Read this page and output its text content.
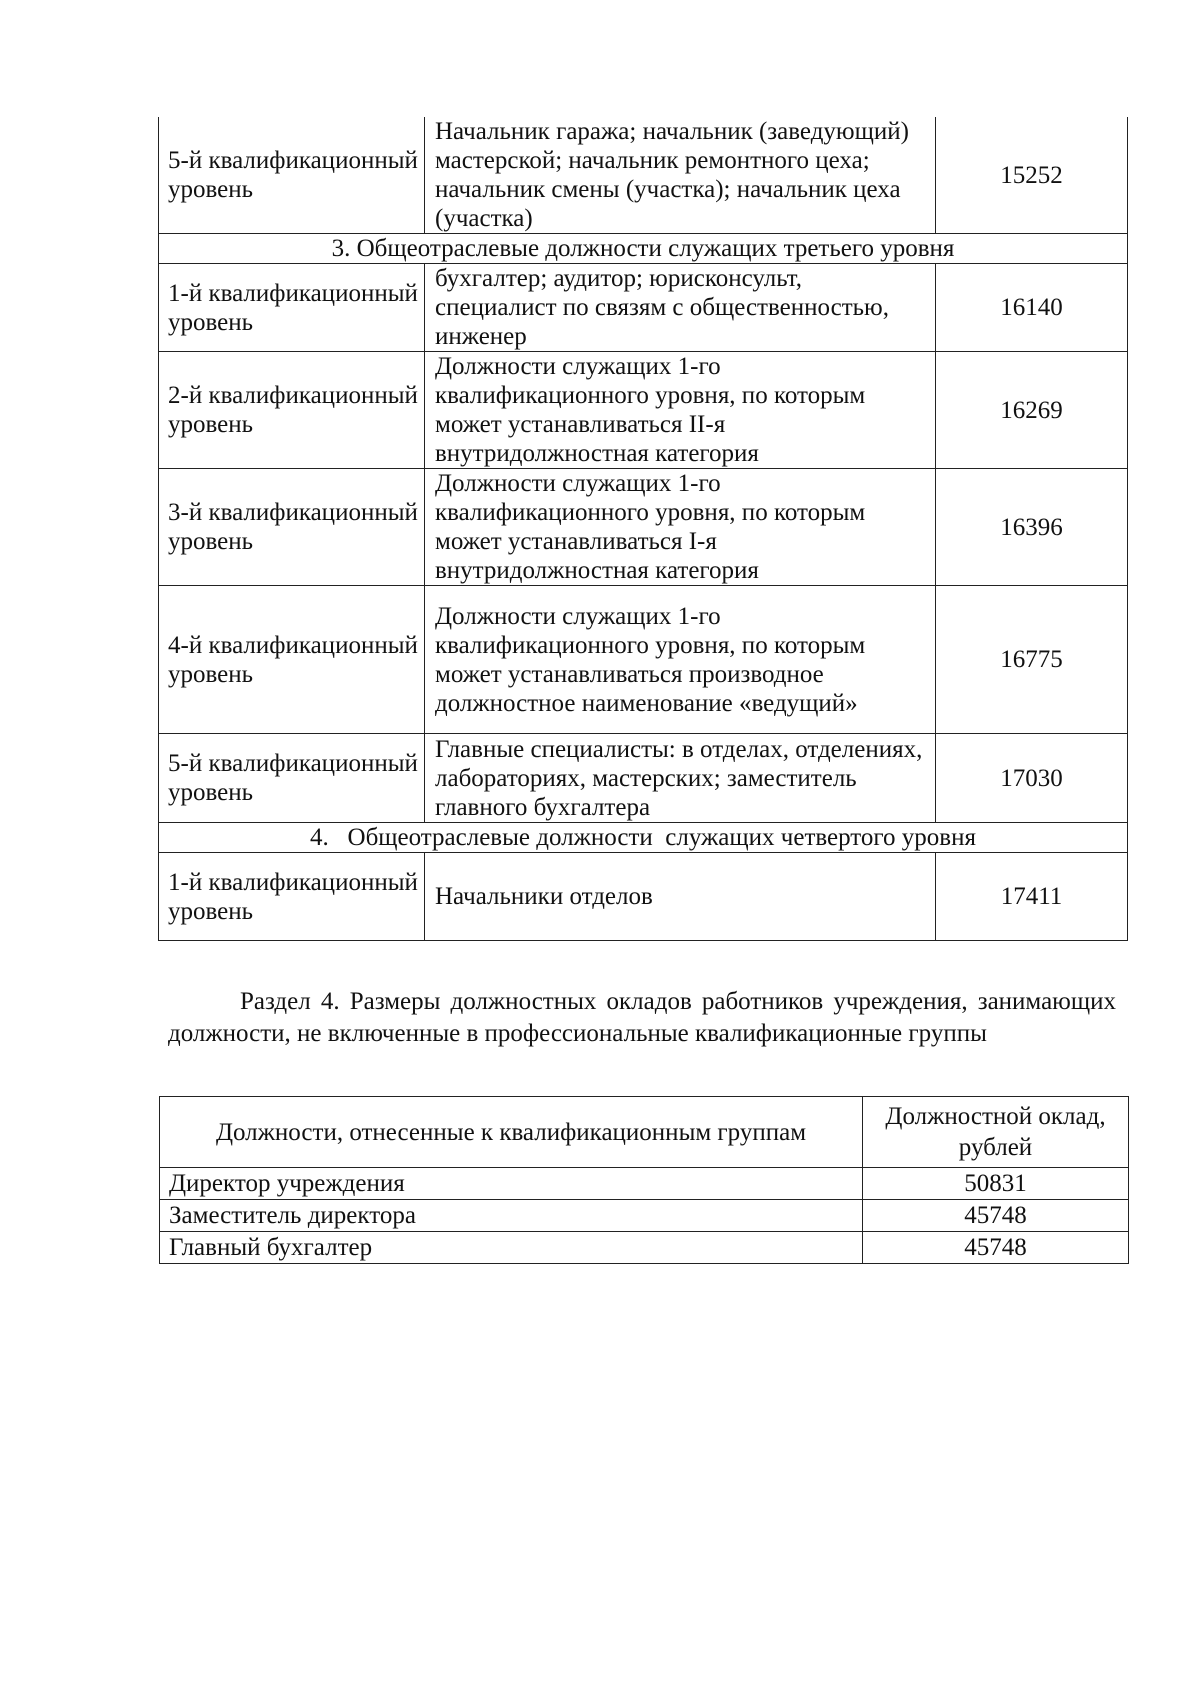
5-й квалификационный уровень	Начальник гаража; начальник (заведующий) мастерской; начальник ремонтного цеха; начальник смены (участка); начальник цеха (участка)	15252
3. Общеотраслевые должности служащих третьего уровня		
1-й квалификационный уровень	бухгалтер; аудитор; юрисконсульт, специалист по связям с общественностью, инженер	16140
2-й квалификационный уровень	Должности служащих 1-го квалификационного уровня, по которым может устанавливаться II-я внутридолжностная категория	16269
3-й квалификационный уровень	Должности служащих 1-го квалификационного уровня, по которым может устанавливаться I-я внутридолжностная категория	16396
4-й квалификационный уровень	Должности служащих 1-го квалификационного уровня, по которым может устанавливаться производное должностное наименование «ведущий»	16775
5-й квалификационный уровень	Главные специалисты: в отделах, отделениях, лабораториях, мастерских; заместитель главного бухгалтера	17030
4.   Общеотраслевые должности  служащих четвертого уровня		
1-й квалификационный уровень	Начальники отделов	17411
Раздел 4. Размеры должностных окладов работников учреждения, занимающих должности, не включенные в профессиональные квалификационные группы
Должности, отнесенные к квалификационным группам	Должностной оклад, рублей
Директор учреждения	50831
Заместитель директора	45748
Главный бухгалтер	45748
